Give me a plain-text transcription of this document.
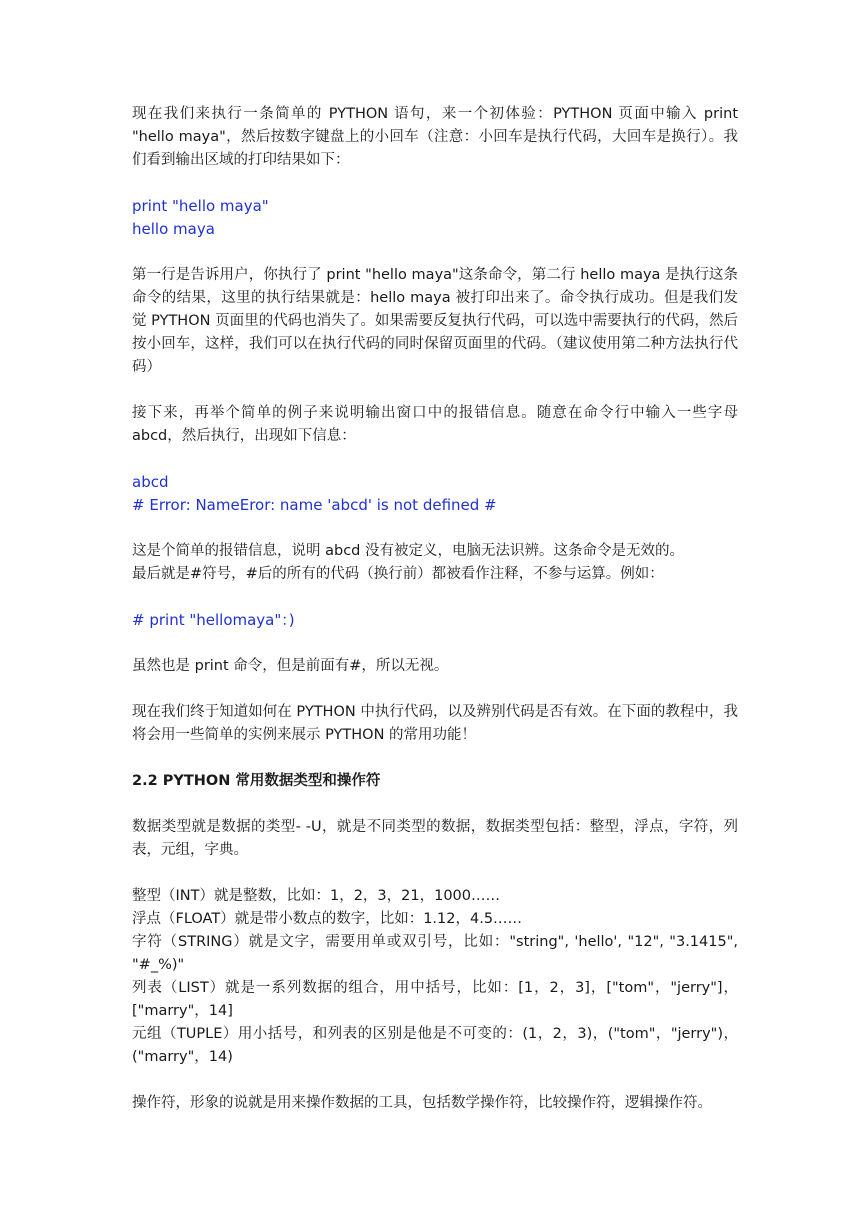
现在我们来执行一条简单的 PYTHON 语句，来一个初体验：PYTHON 页面中输入 print "hello maya"，然后按数字键盘上的小回车（注意：小回车是执行代码，大回车是换行）。我们看到输出区域的打印结果如下：

print "hello maya"

hello maya

第一行是告诉用户，你执行了 print "hello maya"这条命令，第二行 hello maya 是执行这条命令的结果，这里的执行结果就是：hello maya 被打印出来了。命令执行成功。但是我们发觉 PYTHON 页面里的代码也消失了。如果需要反复执行代码，可以选中需要执行的代码，然后按小回车，这样，我们可以在执行代码的同时保留页面里的代码。（建议使用第二种方法执行代码）

接下来，再举个简单的例子来说明输出窗口中的报错信息。随意在命令行中输入一些字母 abcd，然后执行，出现如下信息：

abcd

# Error: NameEror: name 'abcd' is not defined #

这是个简单的报错信息，说明 abcd 没有被定义，电脑无法识辨。这条命令是无效的。

最后就是#符号，#后的所有的代码（换行前）都被看作注释，不参与运算。例如：

# print "hellomaya"：)

虽然也是 print 命令，但是前面有#，所以无视。

现在我们终于知道如何在 PYTHON 中执行代码，以及辨别代码是否有效。在下面的教程中，我将会用一些简单的实例来展示 PYTHON 的常用功能！

2.2 PYTHON 常用数据类型和操作符

数据类型就是数据的类型- -U，就是不同类型的数据，数据类型包括：整型，浮点，字符，列表，元组，字典。

整型（INT）就是整数，比如：1，2，3，21，1000……

浮点（FLOAT）就是带小数点的数字，比如：1.12，4.5……

字符（STRING）就是文字，需要用单或双引号，比如："string", 'hello', "12", "3.1415", "#_%)"

列表（LIST）就是一系列数据的组合，用中括号，比如：[1，2，3]，["tom"，"jerry"]，["marry"，14]

元组（TUPLE）用小括号，和列表的区别是他是不可变的：(1，2，3)，("tom"，"jerry")，("marry"，14)

操作符，形象的说就是用来操作数据的工具，包括数学操作符，比较操作符，逻辑操作符。
